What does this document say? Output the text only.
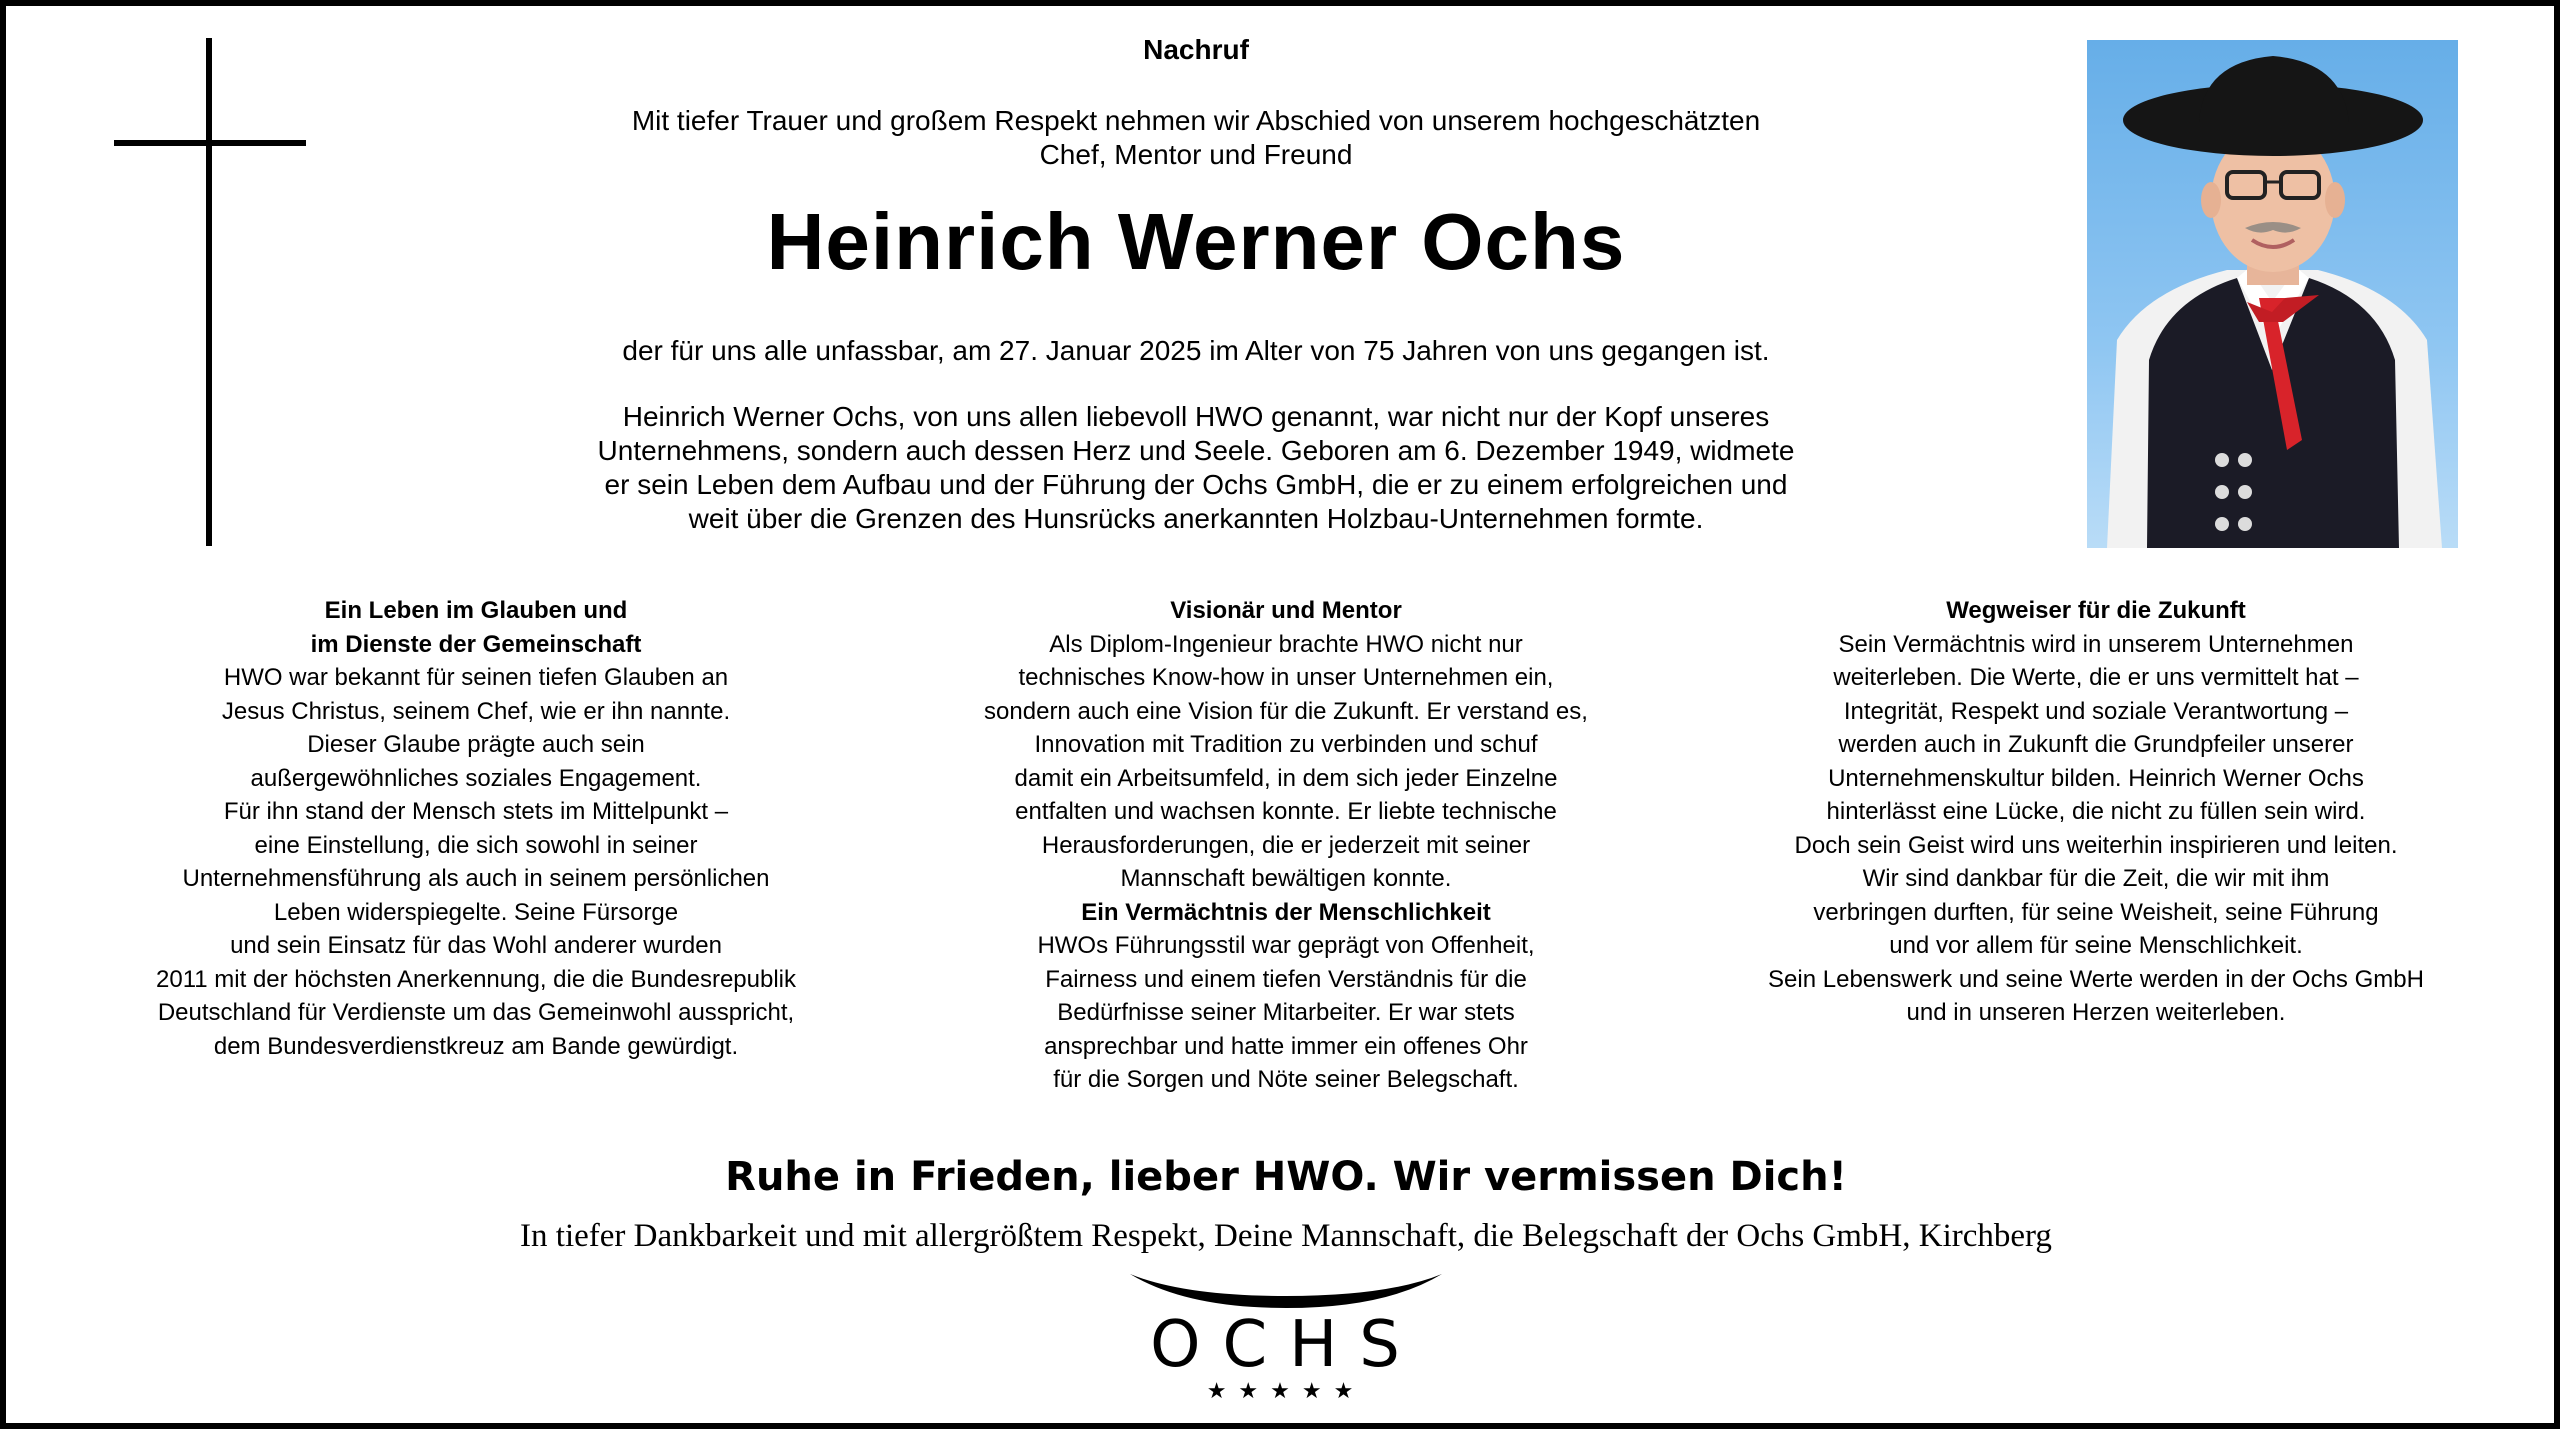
Nachruf
Mit tiefer Trauer und großem Respekt nehmen wir Abschied von unserem hochgeschätzten
Chef, Mentor und Freund
Heinrich Werner Ochs
der für uns alle unfassbar, am 27. Januar 2025 im Alter von 75 Jahren von uns gegangen ist.
Heinrich Werner Ochs, von uns allen liebevoll HWO genannt, war nicht nur der Kopf unseres
Unternehmens, sondern auch dessen Herz und Seele. Geboren am 6. Dezember 1949, widmete
er sein Leben dem Aufbau und der Führung der Ochs GmbH, die er zu einem erfolgreichen und
weit über die Grenzen des Hunsrücks anerkannten Holzbau-Unternehmen formte.
Ein Leben im Glauben und
im Dienste der Gemeinschaft

HWO war bekannt für seinen tiefen Glauben an

Jesus Christus, seinem Chef, wie er ihn nannte.

Dieser Glaube prägte auch sein

außergewöhnliches soziales Engagement.

Für ihn stand der Mensch stets im Mittelpunkt –

eine Einstellung, die sich sowohl in seiner

Unternehmensführung als auch in seinem persönlichen

Leben widerspiegelte. Seine Fürsorge

und sein Einsatz für das Wohl anderer wurden

2011 mit der höchsten Anerkennung, die die Bundesrepublik

Deutschland für Verdienste um das Gemeinwohl ausspricht,

dem Bundesverdienstkreuz am Bande gewürdigt.

Visionär und Mentor

Als Diplom-Ingenieur brachte HWO nicht nur

technisches Know-how in unser Unternehmen ein,

sondern auch eine Vision für die Zukunft. Er verstand es,

Innovation mit Tradition zu verbinden und schuf

damit ein Arbeitsumfeld, in dem sich jeder Einzelne

entfalten und wachsen konnte. Er liebte technische

Herausforderungen, die er jederzeit mit seiner

Mannschaft bewältigen konnte.

Ein Vermächtnis der Menschlichkeit

HWOs Führungsstil war geprägt von Offenheit,

Fairness und einem tiefen Verständnis für die

Bedürfnisse seiner Mitarbeiter. Er war stets

ansprechbar und hatte immer ein offenes Ohr

für die Sorgen und Nöte seiner Belegschaft.

Wegweiser für die Zukunft

Sein Vermächtnis wird in unserem Unternehmen

weiterleben. Die Werte, die er uns vermittelt hat –

Integrität, Respekt und soziale Verantwortung –

werden auch in Zukunft die Grundpfeiler unserer

Unternehmenskultur bilden. Heinrich Werner Ochs

hinterlässt eine Lücke, die nicht zu füllen sein wird.

Doch sein Geist wird uns weiterhin inspirieren und leiten.

Wir sind dankbar für die Zeit, die wir mit ihm

verbringen durften, für seine Weisheit, seine Führung

und vor allem für seine Menschlichkeit.

Sein Lebenswerk und seine Werte werden in der Ochs GmbH

und in unseren Herzen weiterleben.

Ruhe in Frieden, lieber HWO. Wir vermissen Dich!
In tiefer Dankbarkeit und mit allergrößtem Respekt, Deine Mannschaft, die Belegschaft der Ochs GmbH, Kirchberg
OCHS
★★★★★
